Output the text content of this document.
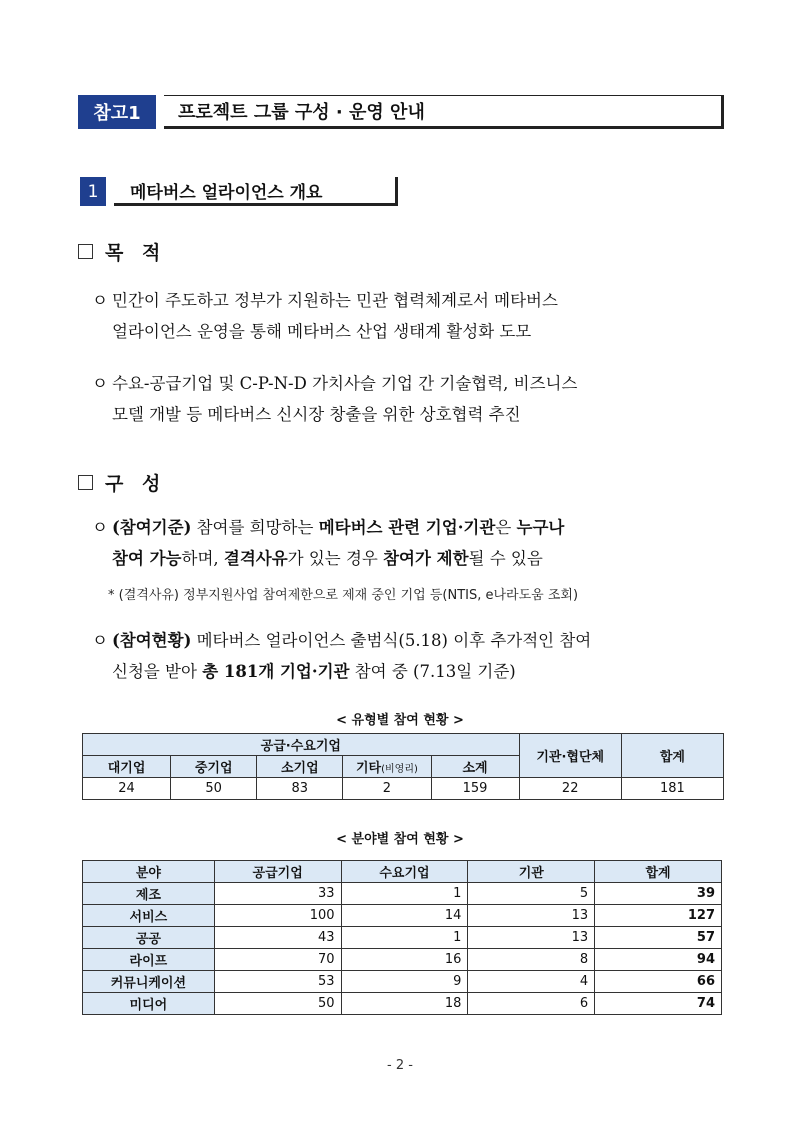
참고1	프로젝트 그룹 구성 · 운영 안내
1	메타버스 얼라이언스 개요
목 적
ㅇ 민간이 주도하고 정부가 지원하는 민관 협력체계로서 메타버스
얼라이언스 운영을 통해 메타버스 산업 생태계 활성화 도모
ㅇ 수요-공급기업 및 C-P-N-D 가치사슬 기업 간 기술협력, 비즈니스
모델 개발 등 메타버스 신시장 창출을 위한 상호협력 추진
구 성
ㅇ (참여기준) 참여를 희망하는 메타버스 관련 기업·기관은 누구나
참여 가능하며, 결격사유가 있는 경우 참여가 제한될 수 있음
* (결격사유) 정부지원사업 참여제한으로 제재 중인 기업 등(NTIS, e나라도움 조회)
ㅇ (참여현황) 메타버스 얼라이언스 출범식(5.18) 이후 추가적인 참여
신청을 받아 총 181개 기업·기관 참여 중 (7.13일 기준)
< 유형별 참여 현황 >
공급·수요기업					기관·협단체	합계
대기업	중기업	소기업	기타(비영리)	소계		
24	50	83	2	159	22	181
< 분야별 참여 현황 >
분야	공급기업	수요기업	기관	합계
제조	33	1	5	39
서비스	100	14	13	127
공공	43	1	13	57
라이프	70	16	8	94
커뮤니케이션	53	9	4	66
미디어	50	18	6	74
- 2 -
